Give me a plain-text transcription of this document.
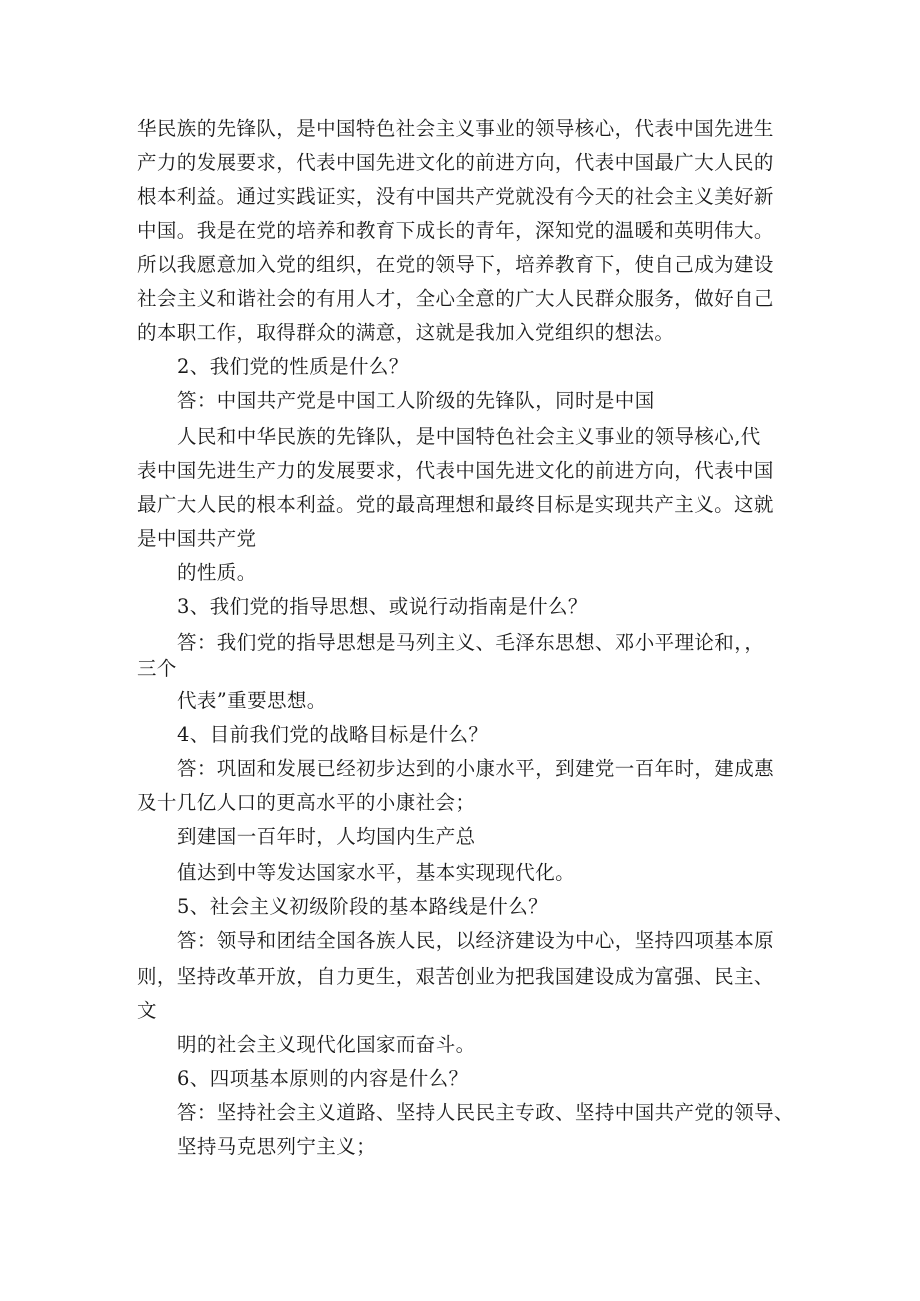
华民族的先锋队，是中国特色社会主义事业的领导核心，代表中国先进生
产力的发展要求，代表中国先进文化的前进方向，代表中国最广大人民的
根本利益。通过实践证实，没有中国共产党就没有今天的社会主义美好新
中国。我是在党的培养和教育下成长的青年，深知党的温暖和英明伟大。
所以我愿意加入党的组织，在党的领导下，培养教育下，使自己成为建设
社会主义和谐社会的有用人才，全心全意的广大人民群众服务，做好自己
的本职工作，取得群众的满意，这就是我加入党组织的想法。
2、我们党的性质是什么？
答：中国共产党是中国工人阶级的先锋队，同时是中国
人民和中华民族的先锋队，是中国特色社会主义事业的领导核心,代
表中国先进生产力的发展要求，代表中国先进文化的前进方向，代表中国
最广大人民的根本利益。党的最高理想和最终目标是实现共产主义。这就
是中国共产党
的性质。
3、我们党的指导思想、或说行动指南是什么？
答：我们党的指导思想是马列主义、毛泽东思想、邓小平理论和，，
三个
代表”重要思想。
4、目前我们党的战略目标是什么？
答：巩固和发展已经初步达到的小康水平，到建党一百年时，建成惠
及十几亿人口的更高水平的小康社会；
到建国一百年时，人均国内生产总
值达到中等发达国家水平，基本实现现代化。
5、社会主义初级阶段的基本路线是什么？
答：领导和团结全国各族人民，以经济建设为中心，坚持四项基本原
则，坚持改革开放，自力更生，艰苦创业为把我国建设成为富强、民主、
文
明的社会主义现代化国家而奋斗。
6、四项基本原则的内容是什么？
答：坚持社会主义道路、坚持人民民主专政、坚持中国共产党的领导、
坚持马克思列宁主义；
